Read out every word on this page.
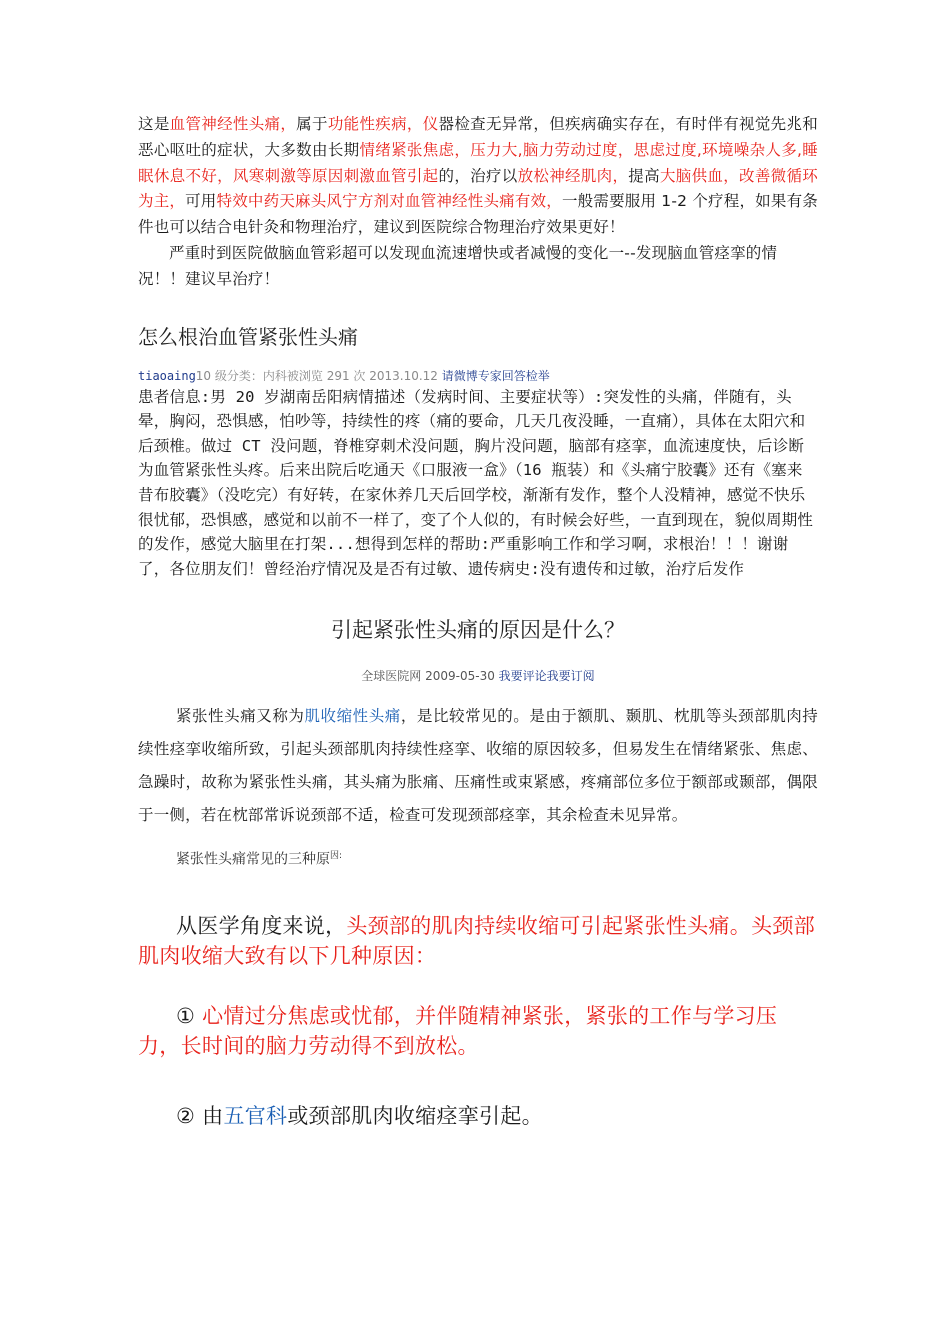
这是血管神经性头痛，属于功能性疾病，仪器检查无异常，但疾病确实存在，有时伴有视觉先兆和恶心呕吐的症状，大多数由长期情绪紧张焦虑，压力大,脑力劳动过度，思虑过度,环境噪杂人多,睡眠休息不好，风寒刺激等原因刺激血管引起的，治疗以放松神经肌肉，提高大脑供血，改善微循环为主，可用特效中药天麻头风宁方剂对血管神经性头痛有效，一般需要服用 1-2 个疗程，如果有条件也可以结合电针灸和物理治疗，建议到医院综合物理治疗效果更好！

严重时到医院做脑血管彩超可以发现血流速增快或者减慢的变化一--发现脑血管痉挛的情况！！建议早治疗！

怎么根治血管紧张性头痛
tiaoaing10 级分类：内科被浏览 291 次 2013.10.12 请微博专家回答检举

患者信息:男 20 岁湖南岳阳病情描述（发病时间、主要症状等）:突发性的头痛，伴随有，头晕，胸闷，恐惧感，怕吵等，持续性的疼（痛的要命，几天几夜没睡，一直痛），具体在太阳穴和后颈椎。做过 CT 没问题，脊椎穿刺术没问题，胸片没问题，脑部有痉挛，血流速度快，后诊断为血管紧张性头疼。后来出院后吃通天《口服液一盒》（16 瓶装）和《头痛宁胶囊》还有《塞来昔布胶囊》（没吃完）有好转，在家休养几天后回学校，渐渐有发作，整个人没精神，感觉不快乐很忧郁，恐惧感，感觉和以前不一样了，变了个人似的，有时候会好些，一直到现在，貌似周期性的发作，感觉大脑里在打架...想得到怎样的帮助:严重影响工作和学习啊，求根治！！！谢谢了，各位朋友们！曾经治疗情况及是否有过敏、遗传病史:没有遗传和过敏，治疗后发作

引起紧张性头痛的原因是什么？
全球医院网 2009-05-30 我要评论我要订阅

紧张性头痛又称为肌收缩性头痛，是比较常见的。是由于额肌、颞肌、枕肌等头颈部肌肉持续性痉挛收缩所致，引起头颈部肌肉持续性痉挛、收缩的原因较多，但易发生在情绪紧张、焦虑、急躁时，故称为紧张性头痛，其头痛为胀痛、压痛性或束紧感，疼痛部位多位于额部或颞部，偶限于一侧，若在枕部常诉说颈部不适，检查可发现颈部痉挛，其余检查未见异常。

紧张性头痛常见的三种原$^{因:}$

从医学角度来说，头颈部的肌肉持续收缩可引起紧张性头痛。头颈部肌肉收缩大致有以下几种原因：

① 心情过分焦虑或忧郁，并伴随精神紧张，紧张的工作与学习压力，长时间的脑力劳动得不到放松。

② 由五官科或颈部肌肉收缩痉挛引起。
